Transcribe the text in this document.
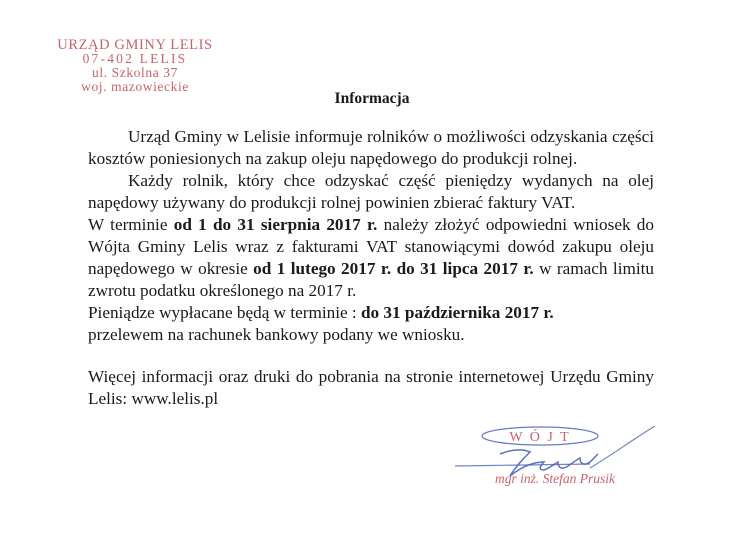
URZĄD GMINY LELIS
07-402 LELIS
ul. Szkolna 37
woj. mazowieckie
Informacja

Urząd Gminy w Lelisie informuje rolników o możliwości odzyskania części kosztów poniesionych na zakup oleju napędowego do produkcji rolnej.

Każdy rolnik, który chce odzyskać część pieniędzy wydanych na olej napędowy używany do produkcji rolnej powinien zbierać faktury VAT.

W terminie od 1 do 31 sierpnia 2017 r. należy złożyć odpowiedni wniosek do Wójta Gminy Lelis wraz z fakturami VAT stanowiącymi dowód zakupu oleju napędowego w okresie od 1 lutego 2017 r. do 31 lipca 2017 r. w ramach limitu zwrotu podatku określonego na 2017 r.

Pieniądze wypłacane będą w terminie : do 31 października 2017 r.

przelewem na rachunek bankowy podany we wniosku.

Więcej informacji oraz druki do pobrania na stronie internetowej Urzędu Gminy Lelis: www.lelis.pl

W Ó J T
mgr inż. Stefan Prusik
